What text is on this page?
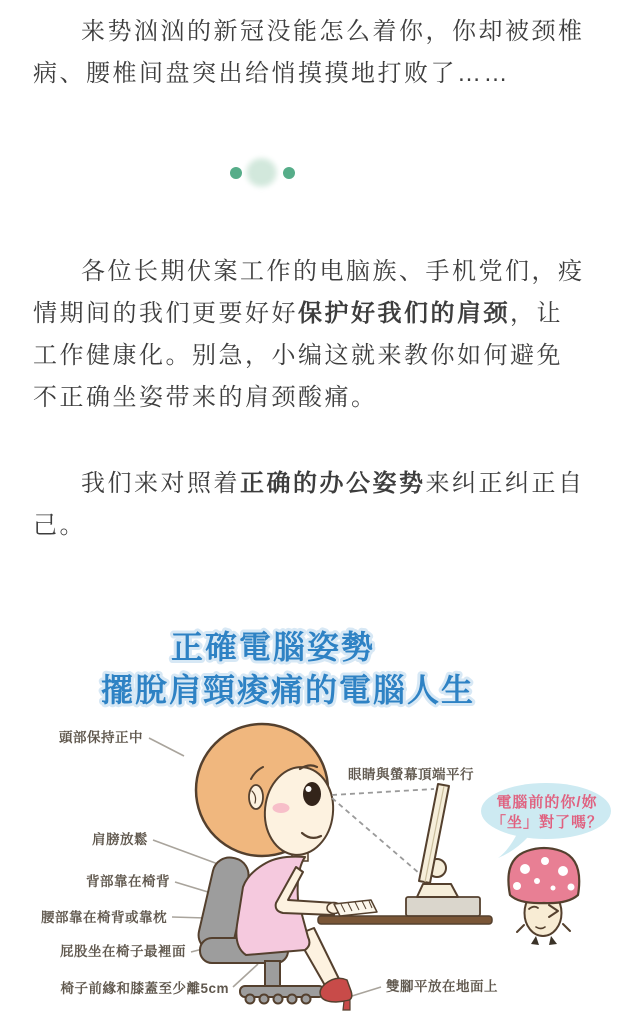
来势汹汹的新冠没能怎么着你，你却被颈椎病、腰椎间盘突出给悄摸摸地打败了……

各位长期伏案工作的电脑族、手机党们，疫情期间的我们更要好好保护好我们的肩颈，让工作健康化。别急，小编这就来教你如何避免不正确坐姿带来的肩颈酸痛。

我们来对照着正确的办公姿势来纠正纠正自己。

正確電腦姿勢
擺脫肩頸痠痛的電腦人生
頭部保持正中
眼睛與螢幕頂端平行
肩膀放鬆
背部靠在椅背
腰部靠在椅背或靠枕
屁股坐在椅子最裡面
椅子前緣和膝蓋至少離5cm	雙腳平放在地面上
電腦前的你/妳
「坐」對了嗎？
